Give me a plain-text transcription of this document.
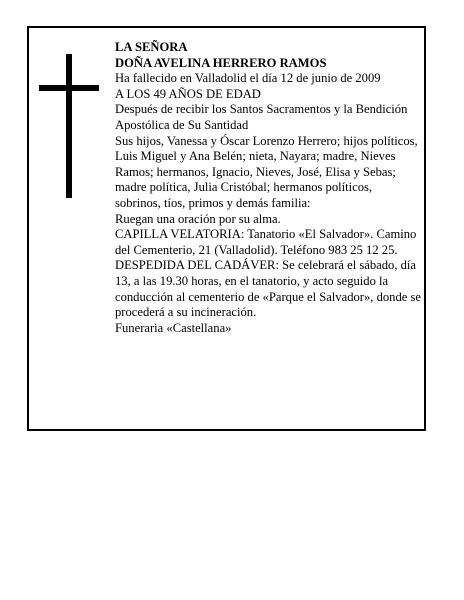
LA SEÑORA

DOÑA AVELINA HERRERO RAMOS

Ha fallecido en Valladolid el día 12 de junio de 2009

A LOS 49 AÑOS DE EDAD

Después de recibir los Santos Sacramentos y la Bendición Apostólica de Su Santidad

Sus hijos, Vanessa y Óscar Lorenzo Herrero; hijos políticos, Luis Miguel y Ana Belén; nieta, Nayara; madre, Nieves Ramos; hermanos, Ignacio, Nieves, José, Elisa y Sebas; madre política, Julia Cristóbal; hermanos políticos, sobrinos, tíos, primos y demás familia:

Ruegan una oración por su alma.

CAPILLA VELATORIA: Tanatorio «El Salvador». Camino del Cementerio, 21 (Valladolid). Teléfono 983 25 12 25.

DESPEDIDA DEL CADÁVER: Se celebrará el sábado, día 13, a las 19.30 horas, en el tanatorio, y acto seguido la conducción al cementerio de «Parque el Salvador», donde se procederá a su incineración.

Funeraria «Castellana»
